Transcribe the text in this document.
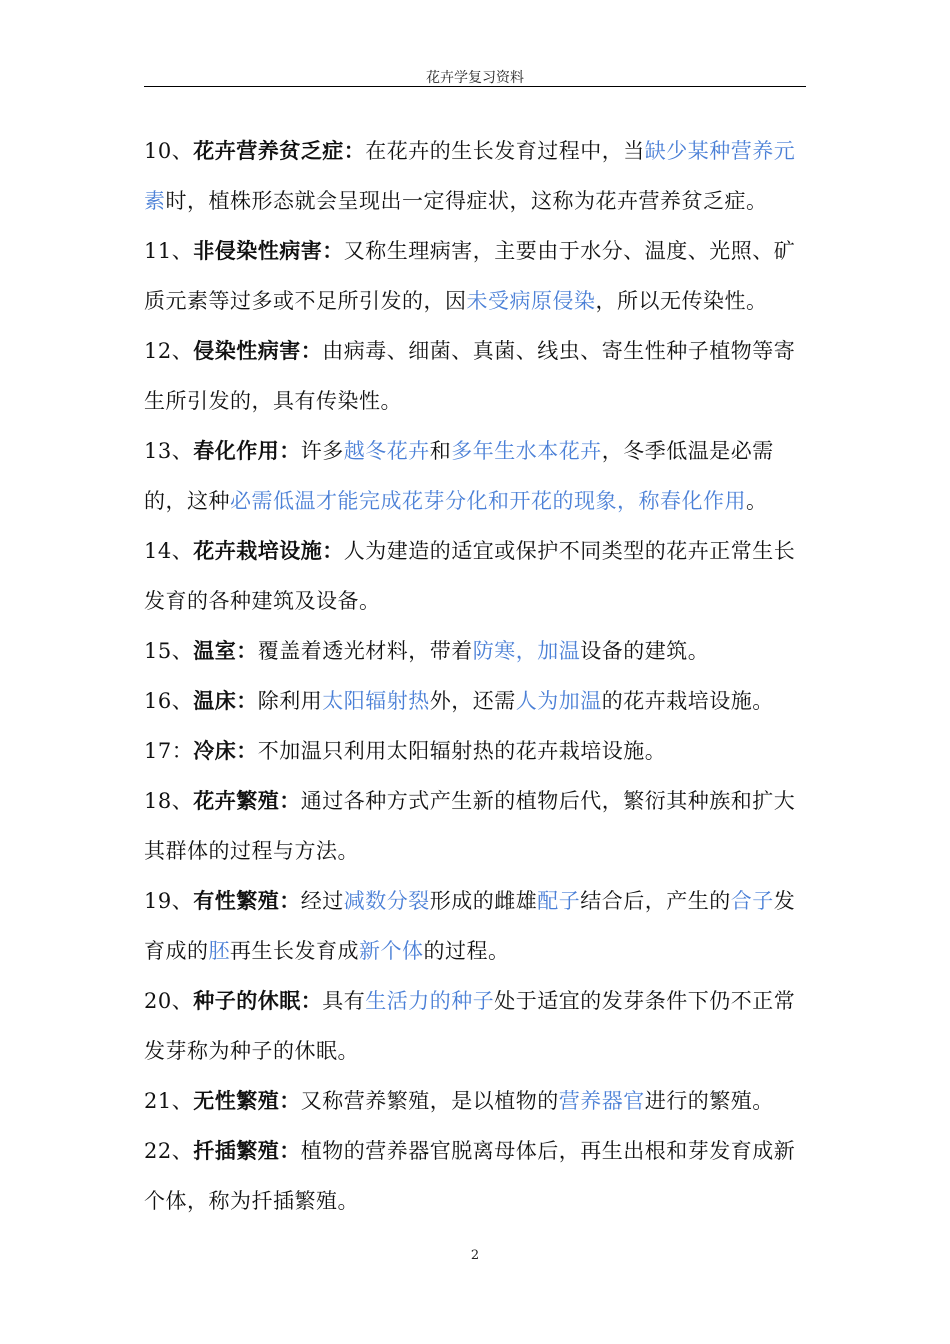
花卉学复习资料

10、花卉营养贫乏症：在花卉的生长发育过程中，当缺少某种营养元素时，植株形态就会呈现出一定得症状，这称为花卉营养贫乏症。

11、非侵染性病害：又称生理病害，主要由于水分、温度、光照、矿质元素等过多或不足所引发的，因未受病原侵染，所以无传染性。

12、侵染性病害：由病毒、细菌、真菌、线虫、寄生性种子植物等寄生所引发的，具有传染性。

13、春化作用：许多越冬花卉和多年生水本花卉，冬季低温是必需的，这种必需低温才能完成花芽分化和开花的现象，称春化作用。

14、花卉栽培设施：人为建造的适宜或保护不同类型的花卉正常生长发育的各种建筑及设备。

15、温室：覆盖着透光材料，带着防寒，加温设备的建筑。

16、温床：除利用太阳辐射热外，还需人为加温的花卉栽培设施。

17：冷床：不加温只利用太阳辐射热的花卉栽培设施。

18、花卉繁殖：通过各种方式产生新的植物后代，繁衍其种族和扩大其群体的过程与方法。

19、有性繁殖：经过减数分裂形成的雌雄配子结合后，产生的合子发育成的胚再生长发育成新个体的过程。

20、种子的休眠：具有生活力的种子处于适宜的发芽条件下仍不正常发芽称为种子的休眠。

21、无性繁殖：又称营养繁殖，是以植物的营养器官进行的繁殖。

22、扦插繁殖：植物的营养器官脱离母体后，再生出根和芽发育成新个体，称为扦插繁殖。

2
